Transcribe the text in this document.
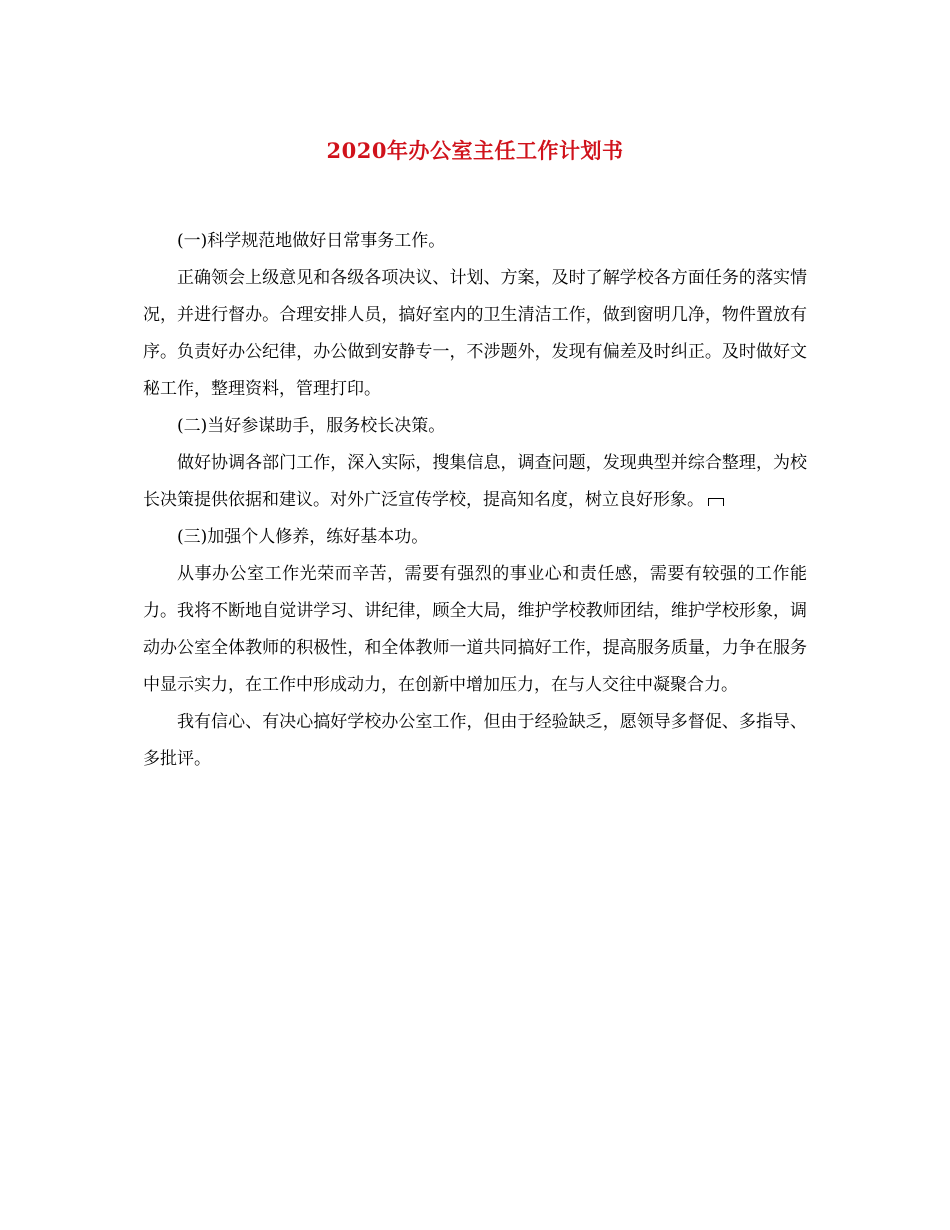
2020年办公室主任工作计划书

(一)科学规范地做好日常事务工作。

正确领会上级意见和各级各项决议、计划、方案，及时了解学校各方面任务的落实情况，并进行督办。合理安排人员，搞好室内的卫生清洁工作，做到窗明几净，物件置放有序。负责好办公纪律，办公做到安静专一，不涉题外，发现有偏差及时纠正。及时做好文秘工作，整理资料，管理打印。

(二)当好参谋助手，服务校长决策。

做好协调各部门工作，深入实际，搜集信息，调查问题，发现典型并综合整理，为校长决策提供依据和建议。对外广泛宣传学校，提高知名度，树立良好形象。

(三)加强个人修养，练好基本功。

从事办公室工作光荣而辛苦，需要有强烈的事业心和责任感，需要有较强的工作能力。我将不断地自觉讲学习、讲纪律，顾全大局，维护学校教师团结，维护学校形象，调动办公室全体教师的积极性，和全体教师一道共同搞好工作，提高服务质量，力争在服务中显示实力，在工作中形成动力，在创新中增加压力，在与人交往中凝聚合力。

我有信心、有决心搞好学校办公室工作，但由于经验缺乏，愿领导多督促、多指导、多批评。
